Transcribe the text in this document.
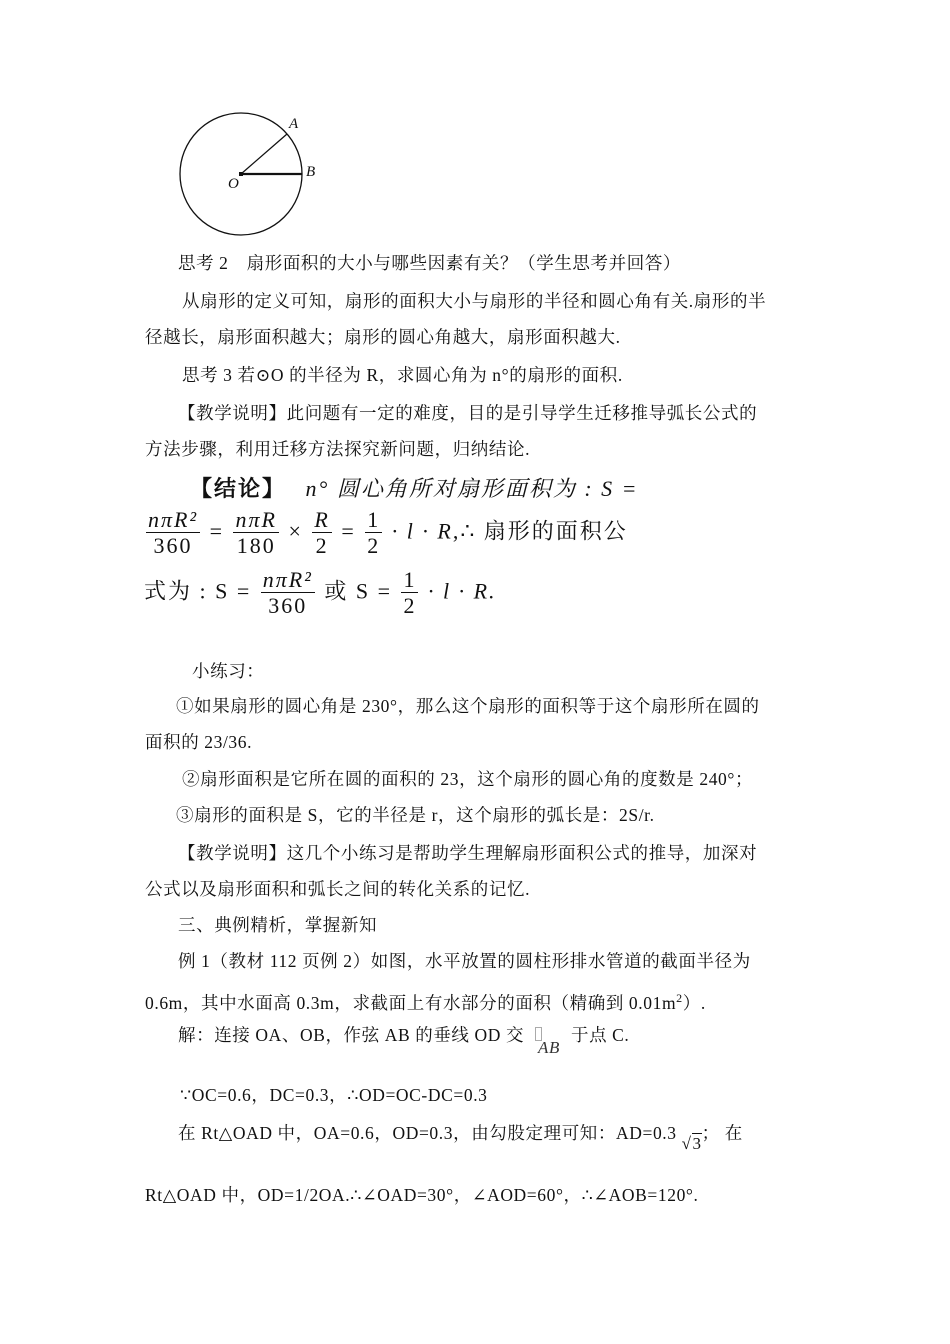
A
B
O
思考 2　扇形面积的大小与哪些因素有关？（学生思考并回答）
从扇形的定义可知，扇形的面积大小与扇形的半径和圆心角有关.扇形的半
径越长，扇形面积越大；扇形的圆心角越大，扇形面积越大.
思考 3 若⊙O 的半径为 R，求圆心角为 n°的扇形的面积.
【教学说明】此问题有一定的难度，目的是引导学生迁移推导弧长公式的
方法步骤，利用迁移方法探究新问题，归纳结论.
【结论】 n° 圆心角所对扇形面积为 : S =
$\frac{\text{nπR²}}{360} = \frac{\text{nπR}}{180} \times \frac{R}{2} = \frac{1}{2} \cdot l$ · R,∴ 扇形的面积公
式为 : $S = \frac{\text{nπR²}}{360}$ 或 $S = \frac{1}{2} \cdot l \cdot R$.
小练习：
①如果扇形的圆心角是 230°，那么这个扇形的面积等于这个扇形所在圆的
面积的 23/36.
②扇形面积是它所在圆的面积的 23，这个扇形的圆心角的度数是 240°；
③扇形的面积是 S，它的半径是 r，这个扇形的弧长是：2S/r.
【教学说明】这几个小练习是帮助学生理解扇形面积公式的推导，加深对
公式以及扇形面积和弧长之间的转化关系的记忆.
三、典例精析，掌握新知
例 1（教材 112 页例 2）如图，水平放置的圆柱形排水管道的截面半径为
0.6m，其中水面高 0.3m，求截面上有水部分的面积（精确到 $0.01m^2$）.
解：连接 OA、OB，作弦 AB 的垂线 OD 交 AB 于点 C.
∵OC=0.6，DC=0.3，∴OD=OC-DC=0.3
在 Rt△OAD 中，OA=0.6，OD=0.3，由勾股定理可知：AD=0.3 √3； 在
Rt△OAD 中，OD=1/2OA.∴∠OAD=30°，∠AOD=60°，∴∠AOB=120°.
